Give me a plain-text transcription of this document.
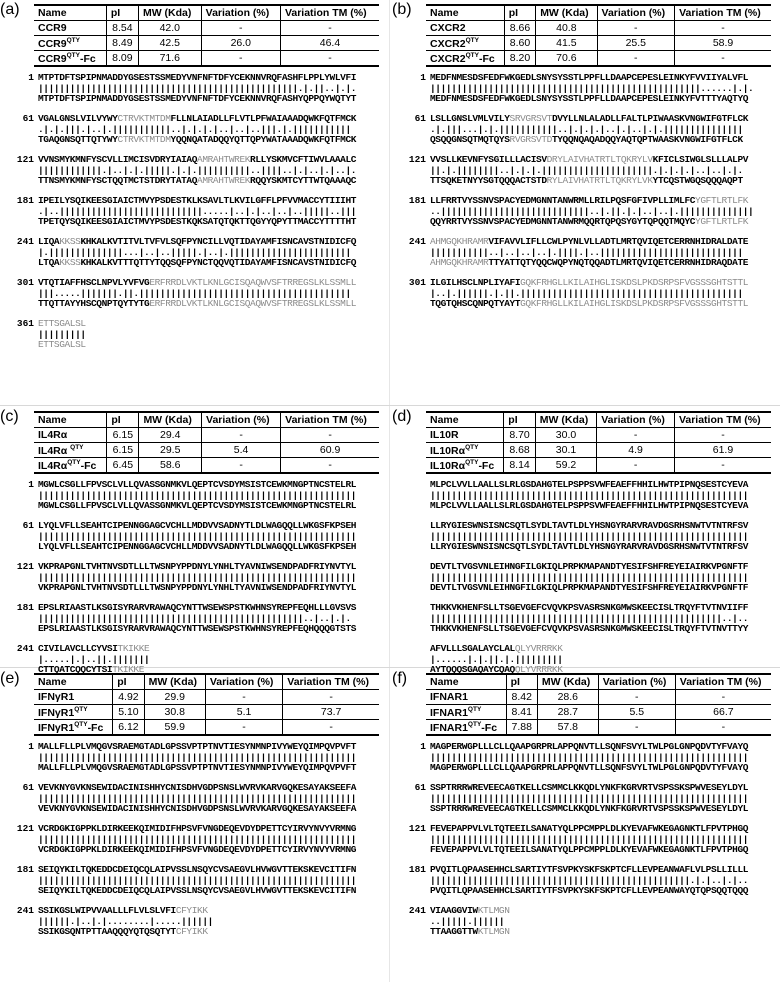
(a) Name	pI	MW (Kda)	Variation (%)	Variation TM (%)
CCR9	8.54	42.0	-	-
$CCR9^{QTY}$	8.49	42.5	26.0	46.4
$CCR9^{QTY}-Fc$	8.09	71.6	-	-
1 MTPTDFTSPIPNMADDYGSESTSSMEDYVNFNFTDFYCEKNNVRQFASHFLPPLYWLVFI
|||||||||||||||||||||||||||||||||||||||||||||||||.|.||..|.|.
MTPTDFTSPIPNMADDYGSESTSSMEDYVNFNFTDFYCEKNNVRQFASHYQPPQYWQTYT
61 VGALGNSLVILVYWYCTRVKTMTDMFLLNLAIADLLFLVTLPFWAIAAADQWKFQTFMCK
.|.|.|||.|..|.|||||||||||..|.|.|.|..|..|..|||.|.|||||||||||
TGAQGNSQTTQTYWYCTRVKTMTDMYQQNQATADQQYQTTQPYWATAAADQWKFQTFMCK
121 VVNSMYKMNFYSCVLLIMCISVDRYIAIAQAMRAHTWREKRLLYSKMVCFTIWVLAAALC
||||||||||||.|..|.|.|||||.|.|.||||||||||..||||..|.|..|.|..|.
TTNSMYKMNFYSCTQQTMCTSTDRYTATAQAMRAHTWREKRQQYSKMTCYTTWTQAAAQC
181 IPEILYSQIKEESGIAICTMVYPSDESTKLKSAVLTLKVILGFFLPFVVMACCYTIIIHT
.|..|||||||||||||||||||||||||||.....|..|.|..|..|..|||||..|||
TPETQYSQIKEESGIAICTMVYPSDESTKQKSATQTQKTTQGYYQPYTTMACCYTTTTHT
241 LIQAKKSSKHKALKVTITVLTVFVLSQFPYNCILLVQTIDAYAMFISNCAVSTNIDICFQ
|.||||||||||||||...|..|..|||||.|..|.|||||||||||||||||||||||
LTQAKKSSKHKALKVTTTQTTYTQQSQFPYNCTQQVQTIDAYAMFISNCAVSTNIDICFQ
301 VTQTIAFFHSCLNPVLYVFVGERFRRDLVKTLKNLGCISQAQWVSFTRREGSLKLSSMLL
|||.....|||||||.||.||||||||||||||||||||||||||||||||||||||||
TTQTTAYYHSCQNPTQYTYTGERFRRDLVKTLKNLGCISQAQWVSFTRREGSLKLSSMLL
361 ETTSGALSL
|||||||||
ETTSGALSL
(b) Name	pI	MW (Kda)	Variation (%)	Variation TM (%)
CXCR2	8.66	40.8	-	-
$CXCR2^{QTY}$	8.60	41.5	25.5	58.9
$CXCR2^{QTY}-Fc$	8.20	70.6	-	-
1 MEDFNMESDSFEDFWKGEDLSNYSYSSTLPPFLLDAAPCEPESLEINKYFVVIIYALVFL
|||||||||||||||||||||||||||||||||||||||||||||||||||......|.|.
MEDFNMESDSFEDFWKGEDLSNYSYSSTLPPFLLDAAPCEPESLEINKYFVTTTYAQTYQ
61 LSLLGNSLVMLVILYSRVGRSVTDVYLLNLALADLLFALTLPIWAASKVNGWIFGTFLCK
.|.|||...|.|.|||||||||||..|.|.|.|..|.|..|.|.|||||||||||||||
QSQQGNSQTMQTQYSRVGRSVTDTYQQNQAQADQQYAQTQPTWAASKVNGWIFGTFLCK
121 VVSLLKEVNFYSGILLLACISVDRYLAIVHATRTLTQKRYLVKFICLSIWGLSLLLALPV
||.|.||||||||..|.|.|.|||||||||||||||||||||.|.|.|.|..|..|.|.
TTSQKETNYYSGTQQQACTSTDRYLAIVHATRTLTQKRYLVKYTCQSTWGQSQQQAQPT
181 LLFRRTVYSSNVSPACYEDMGNNTANWRMLLRILPQSFGFIVPLLIMLFCYGFTLRTLFK
..||||||||||||||||||||||||||||..|.||.|.|..|..|.||||||||||||||
QQYRRTVYSSNVSPACYEDMGNNTANWRMQQRTQPQSYGYTQPQQTMQYCYGFTLRTLFK
241 AHMGQKHRAMRVIFAVVLIFLLCWLPYNLVLLADTLMRTQVIQETCERRNHIDRALDATE
|||||||||||..|..|..|..|.||||.|..|||||||||||||||||||||||||||
AHMGQKHRAMRTTYATTQTYQQCWQPYNQTQQADTLMRTQVIQETCERRNHIDRAQDATE
301 ILGILHSCLNPLIYAFIGQKFRHGLLKILAIHGLISKDSLPKDSRPSFVGSSSGHTSTTL
|..|.||||||.|.||.||||||||||||||||||||||||||||||||||||||||||
TQGTQHSCQNPQTYAYTGQKFRHGLLKILAIHGLISKDSLPKDSRPSFVGSSSGHTSTTL
(c) Name	pI	MW (Kda)	Variation (%)	Variation TM (%)
IL4Rα	6.15	29.4	-	-
IL4Rα $^{QTY}$	6.15	29.5	5.4	60.9
$IL4R\alpha^{QTY}-Fc$	6.45	58.6	-	-
1 MGWLCSGLLFPVSCLVLLQVASSGNMKVLQEPTCVSDYMSISTCEWKMNGPTNCSTELRL
||||||||||||||||||||||||||||||||||||||||||||||||||||||||||||
MGWLCSGLLFPVSCLVLLQVASSGNMKVLQEPTCVSDYMSISTCEWKMNGPTNCSTELRL
61 LYQLVFLLSEAHTCIPENNGGAGCVCHLLMDDVVSADNYTLDLWAGQQLLWKGSFKPSEH
||||||||||||||||||||||||||||||||||||||||||||||||||||||||||||
LYQLVFLLSEAHTCIPENNGGAGCVCHLLMDDVVSADNYTLDLWAGQQLLWKGSFKPSEH
121 VKPRAPGNLTVHTNVSDTLLLTWSNPYPPDNYLYNHLTYAVNIWSENDPADFRIYNVTYL
||||||||||||||||||||||||||||||||||||||||||||||||||||||||||||
VKPRAPGNLTVHTNVSDTLLLTWSNPYPPDNYLYNHLTYAVNIWSENDPADFRIYNVTYL
181 EPSLRIAASTLKSGISYRARVRAWAQCYNTTWSEWSPSTKWHNSYREPFEQHLLLGVSVS
||||||||||||||||||||||||||||||||||||||||||||||||||..|..|.|.
EPSLRIAASTLKSGISYRARVRAWAQCYNTTWSEWSPSTKWHNSYREPFEQHQQQGTSTS
241 CIVILAVCLLCYVSITKIKKE
|.....|.|..||.|||||||
CTTQATCQQCYTSITKIKKE
(d) Name	pI	MW (Kda)	Variation (%)	Variation TM (%)
IL10R	8.70	30.0	-	-
$IL10R\alpha^{QTY}$	8.68	30.1	4.9	61.9
$IL10R\alpha^{QTY}-Fc$	8.14	59.2	-	-
MLPCLVVLLAALLSLRLGSDAHGTELPSPPSVWFEAEFFHHILHWTPIPNQSESTCYEVA
||||||||||||||||||||||||||||||||||||||||||||||||||||||||||||
MLPCLVVLLAALLSLRLGSDAHGTELPSPPSVWFEAEFFHHILHWTPIPNQSESTCYEVA
LLRYGIESWNSISNCSQTLSYDLTAVTLDLYHSNGYRARVRAVDGSRHSNWTVTNTRFSV
||||||||||||||||||||||||||||||||||||||||||||||||||||||||||||
LLRYGIESWNSISNCSQTLSYDLTAVTLDLYHSNGYRARVRAVDGSRHSNWTVTNTRFSV
DEVTLTVGSVNLEIHNGFILGKIQLPRPKMAPANDTYESIFSHFREYEIAIRKVPGNFTF
||||||||||||||||||||||||||||||||||||||||||||||||||||||||||||
DEVTLTVGSVNLEIHNGFILGKIQLPRPKMAPANDTYESIFSHFREYEIAIRKVPGNFTF
THKKVKHENFSLLTSGEVGEFCVQVKPSVASRSNKGMWSKEECISLTRQYFTVTNVIIFF
|||||||||||||||||||||||||||||||||||||||||||||||||||||||..|..
THKKVKHENFSLLTSGEVGEFCVQVKPSVASRSNKGMWSKEECISLTRQYFTVTNVTTYY
AFVLLLSGALAYCLALQLYVRRRKK
|......|.|.||.|.|||||||||
AYTQQQSGAQAYCQAQQLYVRRRKK
(e) Name	pI	MW (Kda)	Variation (%)	Variation TM (%)
IFNγR1	4.92	29.9	-	-
$IFN\gamma R1^{QTY}$	5.10	30.8	5.1	73.7
$IFN\gamma R1^{QTY}-Fc$	6.12	59.9	-	-
1 MALLFLLPLVMQGVSRAEMGTADLGPSSVPTPTNVTIESYNMNPIVYWEYQIMPQVPVFT
||||||||||||||||||||||||||||||||||||||||||||||||||||||||||||
MALLFLLPLVMQGVSRAEMGTADLGPSSVPTPTNVTIESYNMNPIVYWEYQIMPQVPVFT
61 VEVKNYGVKNSEWIDACINISHHYCNISDHVGDPSNSLWVRVKARVGQKESAYAKSEEFA
||||||||||||||||||||||||||||||||||||||||||||||||||||||||||||
VEVKNYGVKNSEWIDACINISHHYCNISDHVGDPSNSLWVRVKARVGQKESAYAKSEEFA
121 VCRDGKIGPPKLDIRKEEKQIMIDIFHPSVFVNGDEQEVDYDPETTCYIRVYNVYVRMNG
||||||||||||||||||||||||||||||||||||||||||||||||||||||||||||
VCRDGKIGPPKLDIRKEEKQIMIDIFHPSVFVNGDEQEVDYDPETTCYIRVYNVYVRMNG
181 SEIQYKILTQKEDDCDEIQCQLAIPVSSLNSQYCVSAEGVLHVWGVTTEKSKEVCITIFN
||||||||||||||||||||||||||||||||||||||||||||||||||||||||||||
SEIQYKILTQKEDDCDEIQCQLAIPVSSLNSQYCVSAEGVLHVWGVTTEKSKEVCITIFN
241 SSIKGSLWIPVVAALLLFLVLSLVFICFYIKK
||||||.|..|.|........|.....||||||
SSIKGSQNTPTTAAQQQYQTQSQTYTCFYIKK
(f) Name	pI	MW (Kda)	Variation (%)	Variation TM (%)
IFNAR1	8.42	28.6	-	-
$IFNAR1^{QTY}$	8.41	28.7	5.5	66.7
$IFNAR1^{QTY}-Fc$	7.88	57.8	-	-
1 MAGPERWGPLLLCLLQAAPGRPRLAPPQNVTLLSQNFSVYLTWLPGLGNPQDVTYFVAYQ
||||||||||||||||||||||||||||||||||||||||||||||||||||||||||||
MAGPERWGPLLLCLLQAAPGRPRLAPPQNVTLLSQNFSVYLTWLPGLGNPQDVTYFVAYQ
61 SSPTRRRWREVEECAGTKELLCSMMCLKKQDLYNKFKGRVRTVSPSSKSPWVESEYLDYL
||||||||||||||||||||||||||||||||||||||||||||||||||||||||||||
SSPTRRRWREVEECAGTKELLCSMMCLKKQDLYNKFKGRVRTVSPSSKSPWVESEYLDYL
121 FEVEPAPPVLVLTQTEEILSANATYQLPPCMPPLDLKYEVAFWKEGAGNKTLFPVTPHGQ
||||||||||||||||||||||||||||||||||||||||||||||||||||||||||||
FEVEPAPPVLVLTQTEEILSANATYQLPPCMPPLDLKYEVAFWKEGAGNKTLFPVTPHGQ
181 PVQITLQPAASEHHCLSARTIYTFSVPKYSKFSKPTCFLLEVPEANWAFLVLPSLLILLL
|||||||||||||||||||||||||||||||||||||||||||||||||.|.|..|.|..
PVQITLQPAASEHHCLSARTIYTFSVPKYSKFSKPTCFLLEVPEANWAYQTQPSQQTQQQ
241 VIAAGGVIWKTLMGN
..|||||.||||||
TTAAGGTTWKTLMGN
